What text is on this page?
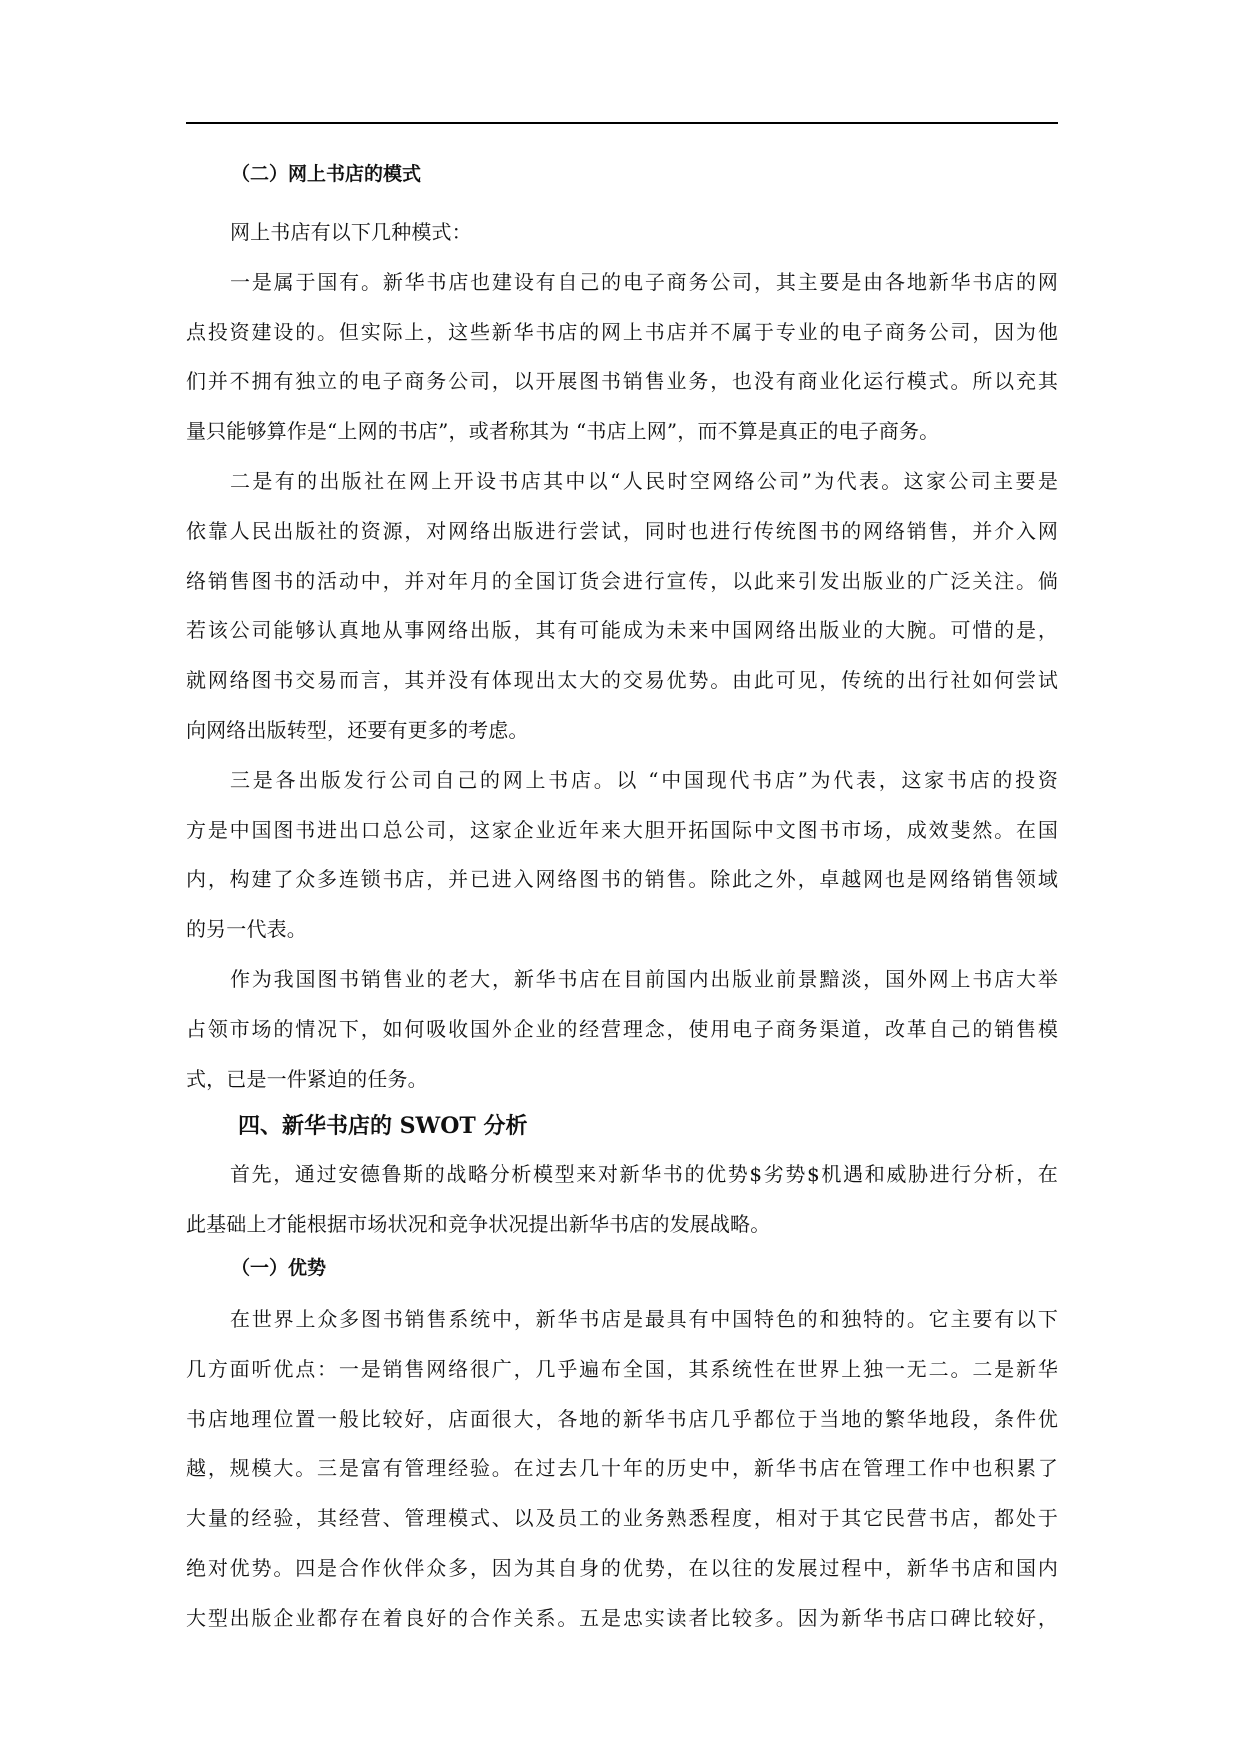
（二）网上书店的模式
网上书店有以下几种模式：
一是属于国有。新华书店也建设有自己的电子商务公司，其主要是由各地新华书店的网
点投资建设的。但实际上，这些新华书店的网上书店并不属于专业的电子商务公司，因为他
们并不拥有独立的电子商务公司，以开展图书销售业务，也没有商业化运行模式。所以充其
量只能够算作是“上网的书店”，或者称其为 “书店上网”，而不算是真正的电子商务。
二是有的出版社在网上开设书店其中以“人民时空网络公司”为代表。这家公司主要是
依靠人民出版社的资源，对网络出版进行尝试，同时也进行传统图书的网络销售，并介入网
络销售图书的活动中，并对年月的全国订货会进行宣传，以此来引发出版业的广泛关注。倘
若该公司能够认真地从事网络出版，其有可能成为未来中国网络出版业的大腕。可惜的是，
就网络图书交易而言，其并没有体现出太大的交易优势。由此可见，传统的出行社如何尝试
向网络出版转型，还要有更多的考虑。
三是各出版发行公司自己的网上书店。以 “中国现代书店”为代表，这家书店的投资
方是中国图书进出口总公司，这家企业近年来大胆开拓国际中文图书市场，成效斐然。在国
内，构建了众多连锁书店，并已进入网络图书的销售。除此之外，卓越网也是网络销售领域
的另一代表。
作为我国图书销售业的老大，新华书店在目前国内出版业前景黯淡，国外网上书店大举
占领市场的情况下，如何吸收国外企业的经营理念，使用电子商务渠道，改革自己的销售模
式，已是一件紧迫的任务。
四、新华书店的 SWOT 分析
首先，通过安德鲁斯的战略分析模型来对新华书的优势$劣势$机遇和威胁进行分析，在
此基础上才能根据市场状况和竞争状况提出新华书店的发展战略。
（一）优势
在世界上众多图书销售系统中，新华书店是最具有中国特色的和独特的。它主要有以下
几方面听优点：一是销售网络很广，几乎遍布全国，其系统性在世界上独一无二。二是新华
书店地理位置一般比较好，店面很大，各地的新华书店几乎都位于当地的繁华地段，条件优
越，规模大。三是富有管理经验。在过去几十年的历史中，新华书店在管理工作中也积累了
大量的经验，其经营、管理模式、以及员工的业务熟悉程度，相对于其它民营书店，都处于
绝对优势。四是合作伙伴众多，因为其自身的优势，在以往的发展过程中，新华书店和国内
大型出版企业都存在着良好的合作关系。五是忠实读者比较多。因为新华书店口碑比较好，
